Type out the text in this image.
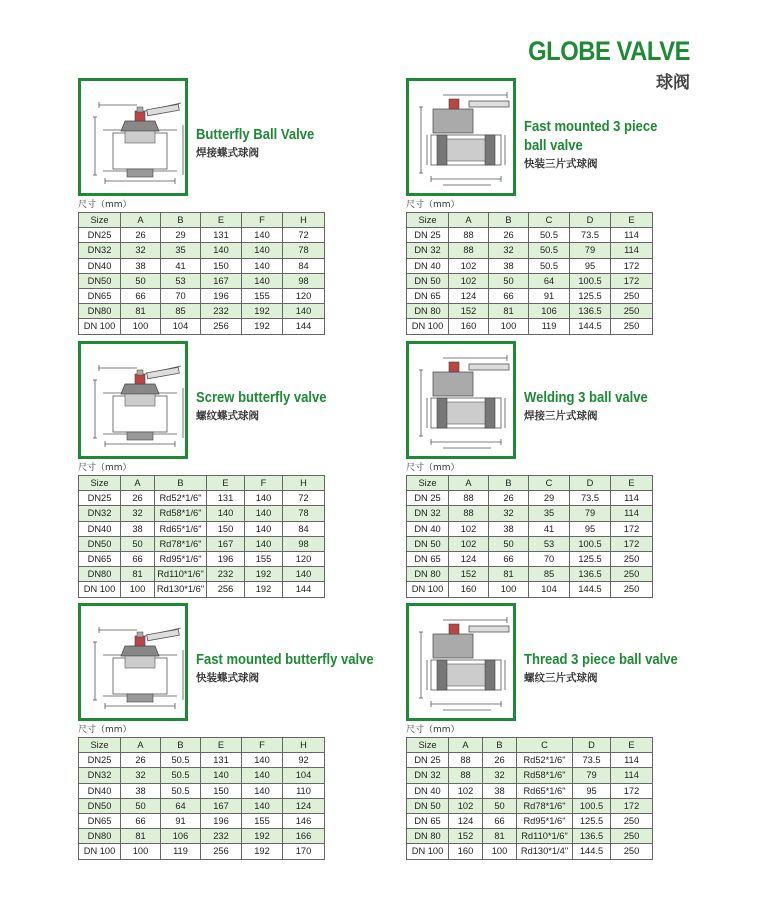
GLOBE VALVE
球阀
Butterfly Ball Valve
焊接蝶式球阀
尺寸（mm）
Size	A	B	E	F	H
DN25	26	29	131	140	72
DN32	32	35	140	140	78
DN40	38	41	150	140	84
DN50	50	53	167	140	98
DN65	66	70	196	155	120
DN80	81	85	232	192	140
DN 100	100	104	256	192	144
Fast mounted 3 piece
ball valve
快装三片式球阀
尺寸（mm）
Size	A	B	C	D	E
DN 25	88	26	50.5	73.5	114
DN 32	88	32	50.5	79	114
DN 40	102	38	50.5	95	172
DN 50	102	50	64	100.5	172
DN 65	124	66	91	125.5	250
DN 80	152	81	106	136.5	250
DN 100	160	100	119	144.5	250
Screw butterfly valve
螺纹蝶式球阀
尺寸（mm）
Size	A	B	E	F	H
DN25	26	Rd52*1/6"	131	140	72
DN32	32	Rd58*1/6"	140	140	78
DN40	38	Rd65*1/6"	150	140	84
DN50	50	Rd78*1/6"	167	140	98
DN65	66	Rd95*1/6"	196	155	120
DN80	81	Rd110*1/6"	232	192	140
DN 100	100	Rd130*1/6"	256	192	144
Welding 3 ball valve
焊接三片式球阀
尺寸（mm）
Size	A	B	C	D	E
DN 25	88	26	29	73.5	114
DN 32	88	32	35	79	114
DN 40	102	38	41	95	172
DN 50	102	50	53	100.5	172
DN 65	124	66	70	125.5	250
DN 80	152	81	85	136.5	250
DN 100	160	100	104	144.5	250
Fast mounted butterfly valve
快装蝶式球阀
尺寸（mm）
Size	A	B	E	F	H
DN25	26	50.5	131	140	92
DN32	32	50.5	140	140	104
DN40	38	50.5	150	140	110
DN50	50	64	167	140	124
DN65	66	91	196	155	146
DN80	81	106	232	192	166
DN 100	100	119	256	192	170
Thread 3 piece ball valve
螺纹三片式球阀
尺寸（mm）
Size	A	B	C	D	E
DN 25	88	26	Rd52*1/6"	73.5	114
DN 32	88	32	Rd58*1/6"	79	114
DN 40	102	38	Rd65*1/6"	95	172
DN 50	102	50	Rd78*1/6"	100.5	172
DN 65	124	66	Rd95*1/6"	125.5	250
DN 80	152	81	Rd110*1/6"	136.5	250
DN 100	160	100	Rd130*1/4"	144.5	250
